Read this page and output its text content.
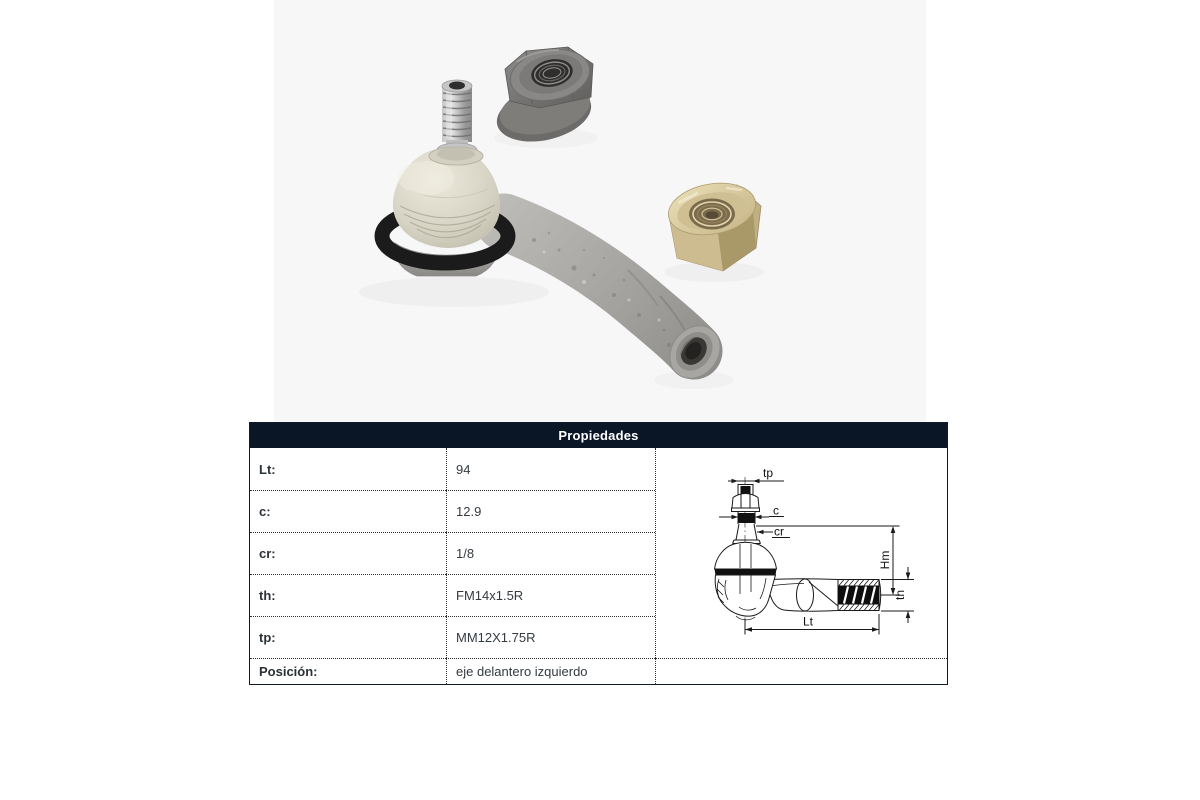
Propiedades
Lt:	94
c:	12.9
cr:	1/8
th:	FM14x1.5R
tp:	MM12X1.75R
Posición:	eje delantero izquierdo
tp
c
cr
Hm
th
Lt
